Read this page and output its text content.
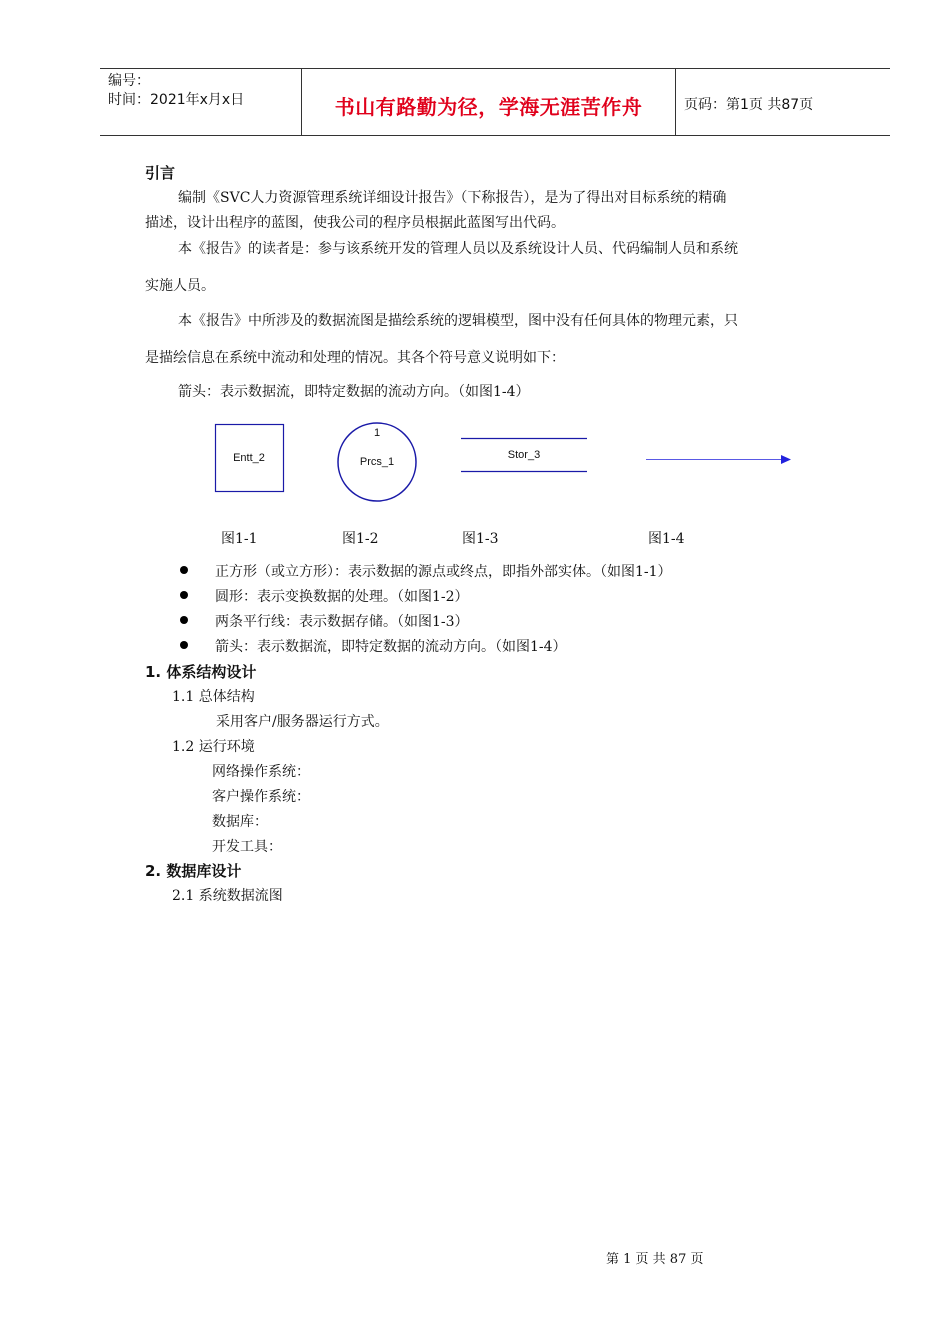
编号：
时间：2021年x月x日	书山有路勤为径，学海无涯苦作舟	页码：第1页 共87页
引言
编制《SVC人力资源管理系统详细设计报告》（下称报告），是为了得出对目标系统的精确
描述，设计出程序的蓝图，使我公司的程序员根据此蓝图写出代码。
本《报告》的读者是：参与该系统开发的管理人员以及系统设计人员、代码编制人员和系统
实施人员。
本《报告》中所涉及的数据流图是描绘系统的逻辑模型，图中没有任何具体的物理元素，只
是描绘信息在系统中流动和处理的情况。其各个符号意义说明如下：
箭头：表示数据流，即特定数据的流动方向。（如图1-4）
Entt_2
1
Prcs_1
Stor_3
图1-1	图1-2	图1-3	图1-4
正方形（或立方形）：表示数据的源点或终点，即指外部实体。（如图1-1）
圆形：表示变换数据的处理。（如图1-2）
两条平行线：表示数据存储。（如图1-3）
箭头：表示数据流，即特定数据的流动方向。（如图1-4）
1. 体系结构设计
1.1 总体结构
采用客户/服务器运行方式。
1.2 运行环境
网络操作系统：
客户操作系统：
数据库：
开发工具：
2. 数据库设计
2.1 系统数据流图
第 1 页 共 87 页
